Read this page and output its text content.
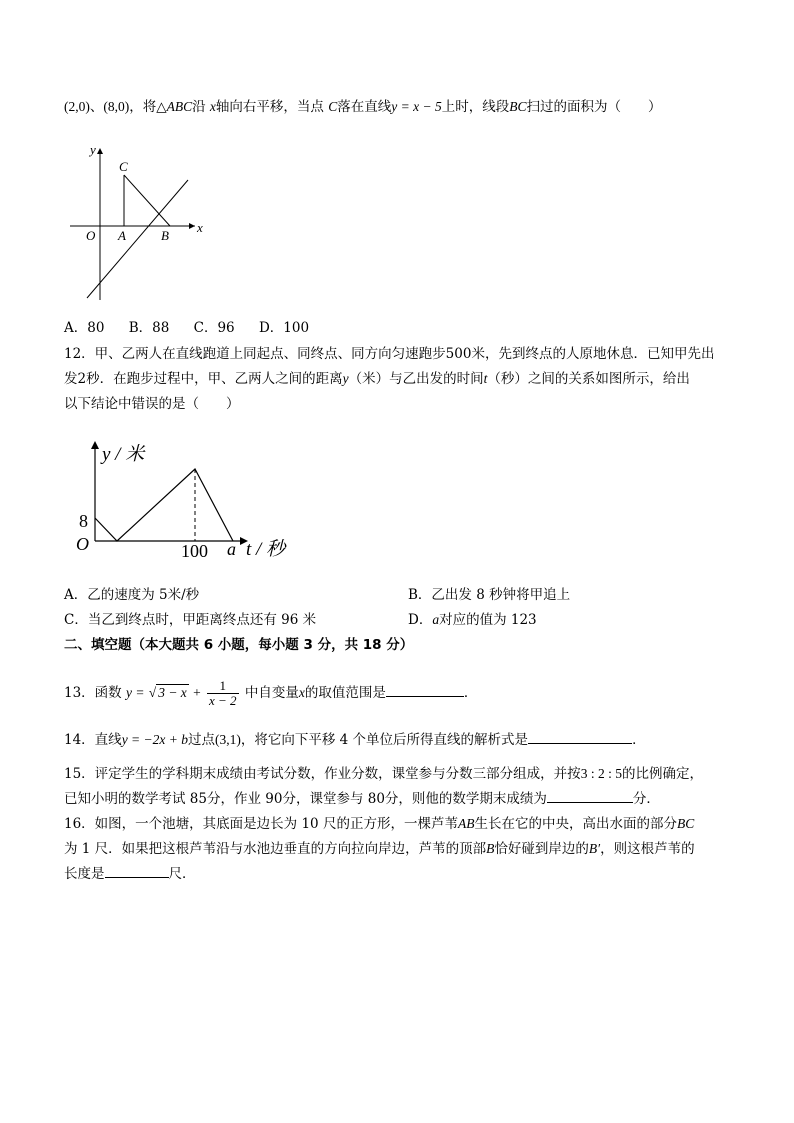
(2,0)、(8,0)，将△ABC沿 x轴向右平移，当点 C落在直线y = x − 5上时，线段BC扫过的面积为（　　）
y
x
O A	B
C
A．80 B．88 C．96 D．100
12．甲、乙两人在直线跑道上同起点、同终点、同方向匀速跑步500米，先到终点的人原地休息．已知甲先出
发2秒．在跑步过程中，甲、乙两人之间的距离y（米）与乙出发的时间t（秒）之间的关系如图所示，给出
以下结论中错误的是（　　）
y / 米
t / 秒
8
O	100 a
A．乙的速度为 5米/秒	B．乙出发 8 秒钟将甲追上
C．当乙到终点时，甲距离终点还有 96 米	D．a对应的值为 123
二、填空题（本大题共 6 小题，每小题 3 分，共 18 分）
13．函数 y = √ $3 - x + \frac{1}{x - 2}$ 中自变量x的取值范围是	．
14．直线y = −2x + b过点(3,1)，将它向下平移 4 个单位后所得直线的解析式是	．
15．评定学生的学科期末成绩由考试分数，作业分数，课堂参与分数三部分组成，并按3 : 2 : 5的比例确定，
已知小明的数学考试 85分，作业 90分，课堂参与 80分，则他的数学期末成绩为	分．
16．如图，一个池塘，其底面是边长为 10 尺的正方形，一棵芦苇AB生长在它的中央，高出水面的部分BC
为 1 尺．如果把这根芦苇沿与水池边垂直的方向拉向岸边，芦苇的顶部B恰好碰到岸边的B′，则这根芦苇的
长度是	尺．
